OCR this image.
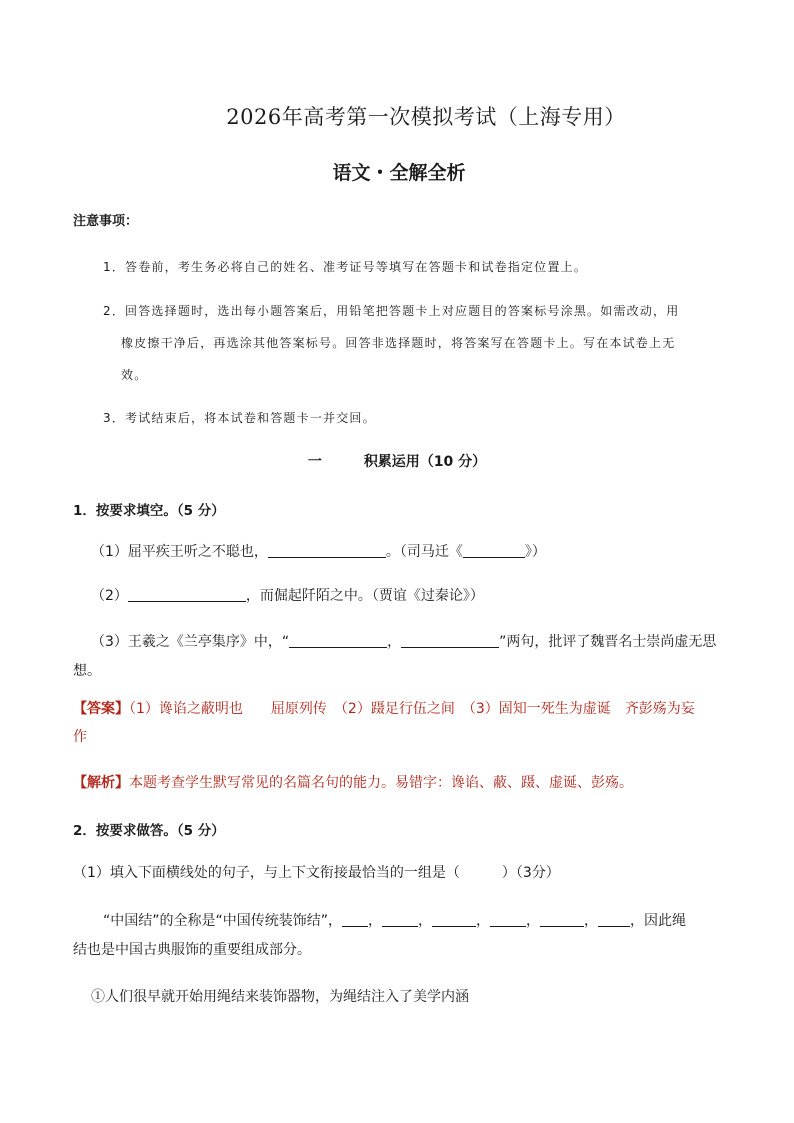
2026年高考第一次模拟考试（上海专用）
语文・全解全析
注意事项：
1．答卷前，考生务必将自己的姓名、准考证号等填写在答题卡和试卷指定位置上。
2．回答选择题时，选出每小题答案后，用铅笔把答题卡上对应题目的答案标号涂黑。如需改动，用
橡皮擦干净后，再选涂其他答案标号。回答非选择题时，将答案写在答题卡上。写在本试卷上无
效。
3．考试结束后，将本试卷和答题卡一并交回。
一	积累运用（10 分）
1．按要求填空。（5 分）
（1）屈平疾王听之不聪也，	。（司马迁《	》）
（2）	，而倔起阡陌之中。（贾谊《过秦论》）
（3）王羲之《兰亭集序》中，“	，	”两句，批评了魏晋名士崇尚虚无思
想。
【答案】（1）谗谄之蔽明也　　屈原列传　（2）蹑足行伍之间　（3）固知一死生为虚诞　齐彭殇为妄
作
【解析】本题考查学生默写常见的名篇名句的能力。易错字：谗谄、蔽、蹑、虚诞、彭殇。
2．按要求做答。（5 分）
（1）填入下面横线处的句子，与上下文衔接最恰当的一组是（　　　）（3分）
“中国结”的全称是“中国传统装饰结”， ，	，	，	，	， ，因此绳
结也是中国古典服饰的重要组成部分。
①人们很早就开始用绳结来装饰器物，为绳结注入了美学内涵
